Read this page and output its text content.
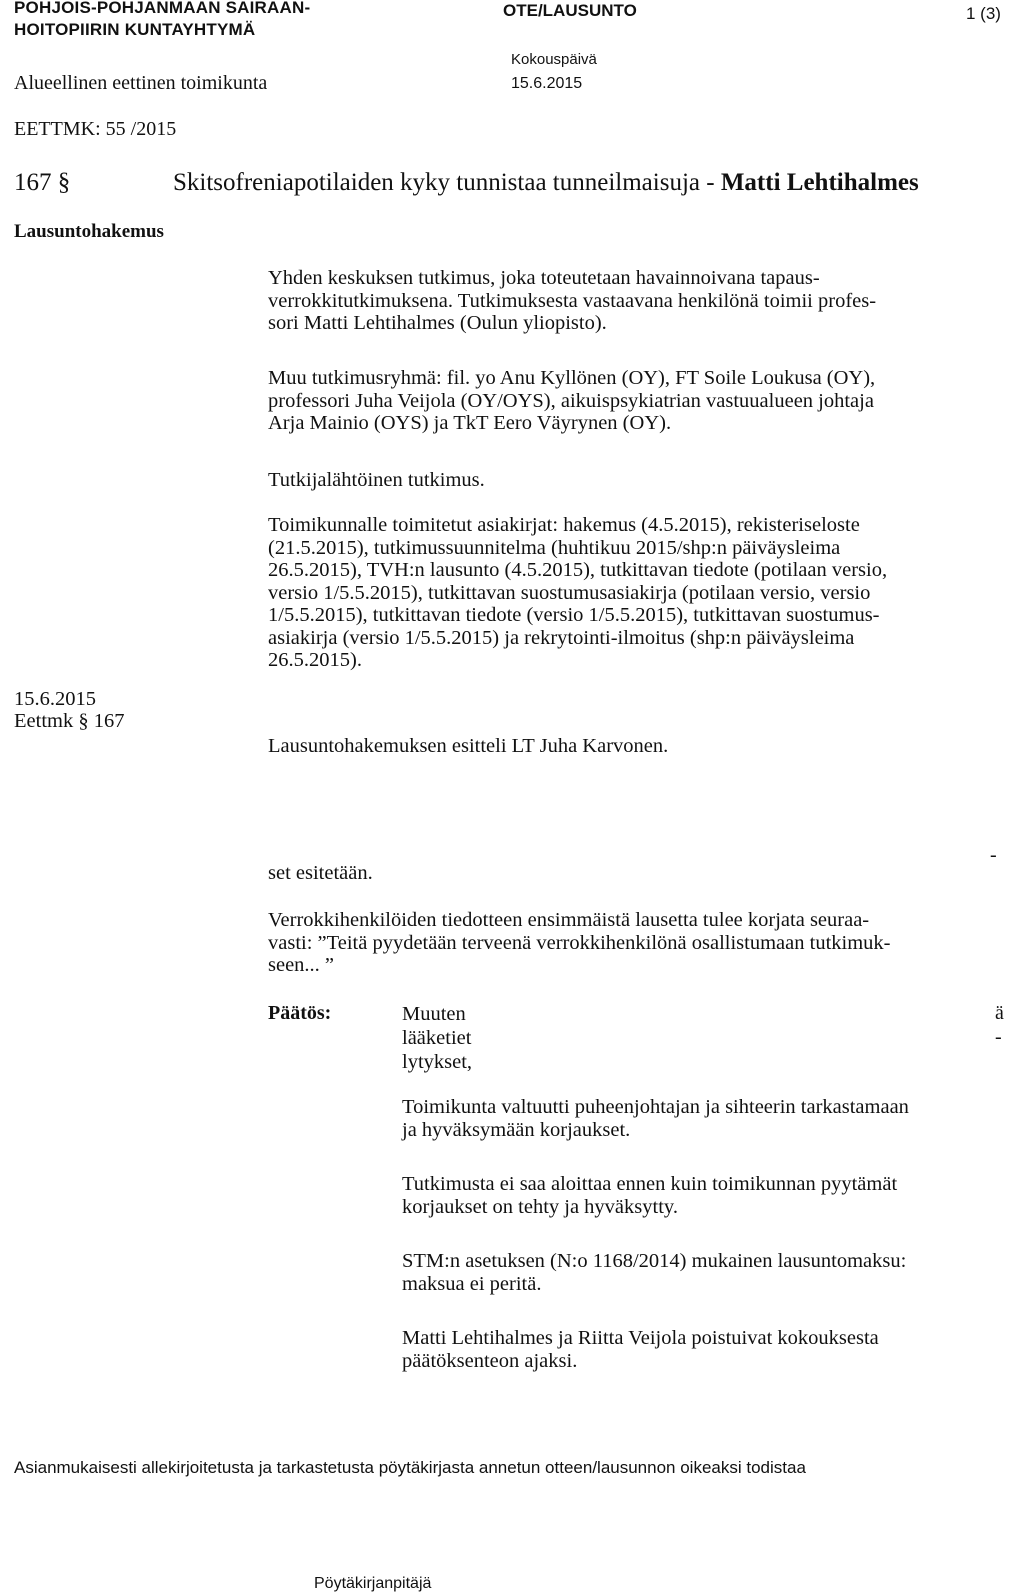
POHJOIS-POHJANMAAN SAIRAAN-
HOITOPIIRIN KUNTAYHTYMÄ
OTE/LAUSUNTO	1 (3)
Alueellinen eettinen toimikunta
Kokouspäivä
15.6.2015
EETTMK: 55 /2015
167 §	Skitsofreniapotilaiden kyky tunnistaa tunneilmaisuja - Matti Lehtihalmes
Lausuntohakemus
Yhden keskuksen tutkimus, joka toteutetaan havainnoivana tapaus-
verrokkitutkimuksena. Tutkimuksesta vastaavana henkilönä toimii profes-
sori Matti Lehtihalmes (Oulun yliopisto).
Muu tutkimusryhmä: fil. yo Anu Kyllönen (OY), FT Soile Loukusa (OY),
professori Juha Veijola (OY/OYS), aikuispsykiatrian vastuualueen johtaja
Arja Mainio (OYS) ja TkT Eero Väyrynen (OY).
Tutkijalähtöinen tutkimus.
Toimikunnalle toimitetut asiakirjat: hakemus (4.5.2015), rekisteriseloste
(21.5.2015), tutkimussuunnitelma (huhtikuu 2015/shp:n päiväysleima
26.5.2015), TVH:n lausunto (4.5.2015), tutkittavan tiedote (potilaan versio,
versio 1/5.5.2015), tutkittavan suostumusasiakirja (potilaan versio, versio
1/5.5.2015), tutkittavan tiedote (versio 1/5.5.2015), tutkittavan suostumus-
asiakirja (versio 1/5.5.2015) ja rekrytointi-ilmoitus (shp:n päiväysleima
26.5.2015).
15.6.2015
Eettmk § 167
Lausuntohakemuksen esitteli LT Juha Karvonen.
-
set esitetään.
Verrokkihenkilöiden tiedotteen ensimmäistä lausetta tulee korjata seuraa-
vasti: ”Teitä pyydetään terveenä verrokkihenkilönä osallistumaan tutkimuk-
seen... ”
Päätös:	Muuten
lääketiet
lytykset,
ä
-
Toimikunta valtuutti puheenjohtajan ja sihteerin tarkastamaan
ja hyväksymään korjaukset.
Tutkimusta ei saa aloittaa ennen kuin toimikunnan pyytämät
korjaukset on tehty ja hyväksytty.
STM:n asetuksen (N:o 1168/2014) mukainen lausuntomaksu:
maksua ei peritä.
Matti Lehtihalmes ja Riitta Veijola poistuivat kokouksesta
päätöksenteon ajaksi.
Asianmukaisesti allekirjoitetusta ja tarkastetusta pöytäkirjasta annetun otteen/lausunnon oikeaksi todistaa
Pöytäkirjanpitäjä
